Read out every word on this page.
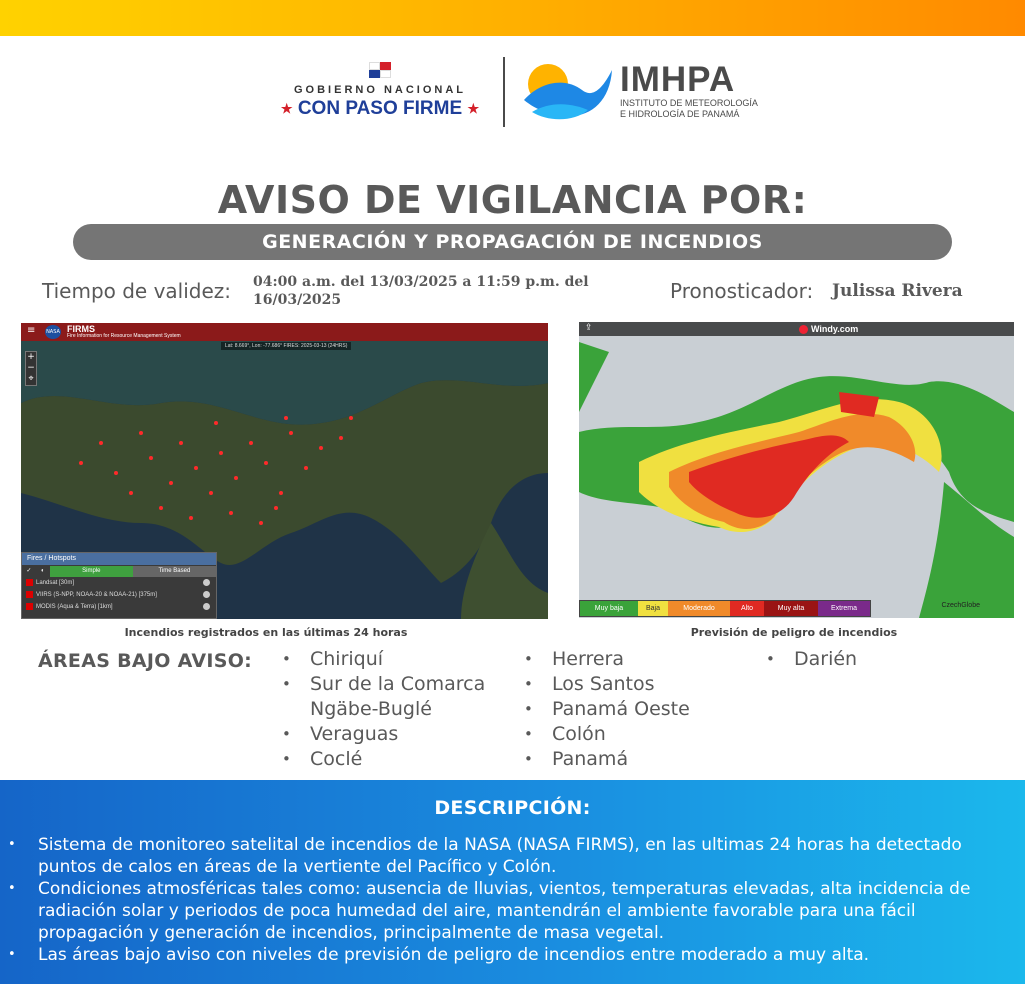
GOBIERNO NACIONAL
★ CON PASO FIRME ★
IMHPA
INSTITUTO DE METEOROLOGÍA
E HIDROLOGÍA DE PANAMÁ
AVISO DE VIGILANCIA POR:
GENERACIÓN Y PROPAGACIÓN DE INCENDIOS
Tiempo de validez: 04:00 a.m. del 13/03/2025 a 11:59 p.m. del 16/03/2025	Pronosticador: Julissa Rivera
≡ NASA FIRMS
Fire Information for Resource Management System
Lat: 8.669°, Lon: -77.686° FIRES: 2025-03-13 (24HRS)
+
−
⌖
Fires / Hotspots
✓	◐	Simple	Time Based
Landsat [30m]
VIIRS (S-NPP, NOAA-20 & NOAA-21) [375m]
MODIS (Aqua & Terra) [1km]
⇪	Windy.com
Muy baja	Baja	Moderado	Alto	Muy alta	Extrema	CzechGlobe
Incendios registrados en las últimas 24 horas	Previsión de peligro de incendios
ÁREAS BAJO AVISO:
•	Chiriquí
• Sur de la Comarca Ngäbe-Buglé
• Veraguas
• Coclé
• Herrera
• Los Santos
• Panamá Oeste
• Colón
• Panamá
• Darién
DESCRIPCIÓN:
• Sistema de monitoreo satelital de incendios de la NASA (NASA FIRMS), en las ultimas 24 horas ha detectado puntos de calos en áreas de la vertiente del Pacífico y Colón.
• Condiciones atmosféricas tales como: ausencia de lluvias, vientos, temperaturas elevadas, alta incidencia de radiación solar y periodos de poca humedad del aire, mantendrán el ambiente favorable para una fácil propagación y generación de incendios, principalmente de masa vegetal.
• Las áreas bajo aviso con niveles de previsión de peligro de incendios entre moderado a muy alta.
